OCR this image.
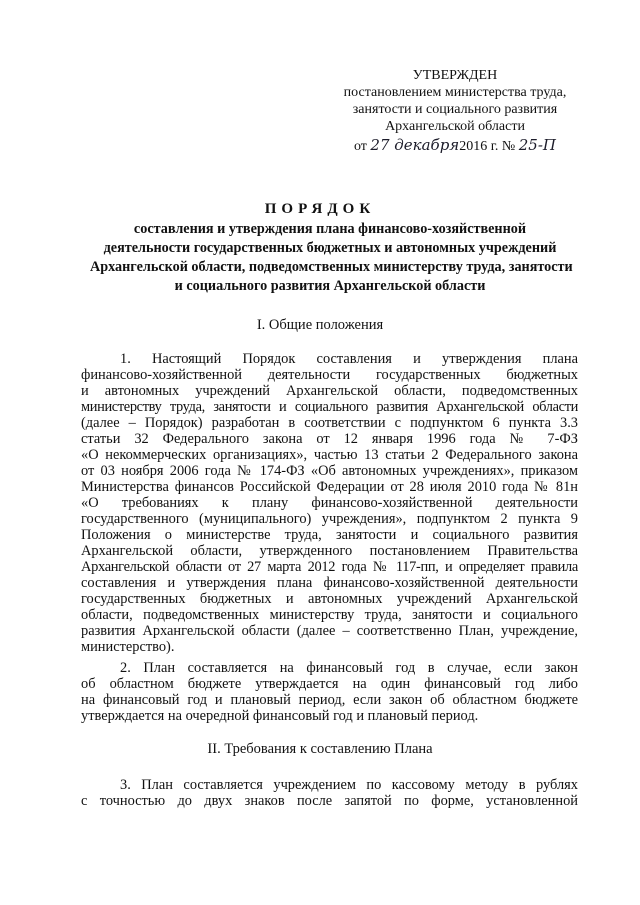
УТВЕРЖДЕН
постановлением министерства труда,
занятости и социального развития
Архангельской области
от 27 декабря2016 г. № 25-П
ПОРЯДОК
составления и утверждения плана финансово-хозяйственной
деятельности государственных бюджетных и автономных учреждений
Архангельской области, подведомственных министерству труда, занятости
и социального развития Архангельской области
I. Общие положения
1. Настоящий Порядок составления и утверждения плана
финансово-хозяйственной деятельности государственных бюджетных
и автономных учреждений Архангельской области, подведомственных
министерству труда, занятости и социального развития Архангельской области
(далее – Порядок) разработан в соответствии с подпунктом 6 пункта 3.3
статьи 32 Федерального закона от 12 января 1996 года № 7-ФЗ
«О некоммерческих организациях», частью 13 статьи 2 Федерального закона
от 03 ноября 2006 года № 174-ФЗ «Об автономных учреждениях», приказом
Министерства финансов Российской Федерации от 28 июля 2010 года № 81н
«О требованиях к плану финансово-хозяйственной деятельности
государственного (муниципального) учреждения», подпунктом 2 пункта 9
Положения о министерстве труда, занятости и социального развития
Архангельской области, утвержденного постановлением Правительства
Архангельской области от 27 марта 2012 года № 117-пп, и определяет правила
составления и утверждения плана финансово-хозяйственной деятельности
государственных бюджетных и автономных учреждений Архангельской
области, подведомственных министерству труда, занятости и социального
развития Архангельской области (далее – соответственно План, учреждение,
министерство).
2. План составляется на финансовый год в случае, если закон
об областном бюджете утверждается на один финансовый год либо
на финансовый год и плановый период, если закон об областном бюджете
утверждается на очередной финансовый год и плановый период.
II. Требования к составлению Плана
3. План составляется учреждением по кассовому методу в рублях
с точностью до двух знаков после запятой по форме, установленной
